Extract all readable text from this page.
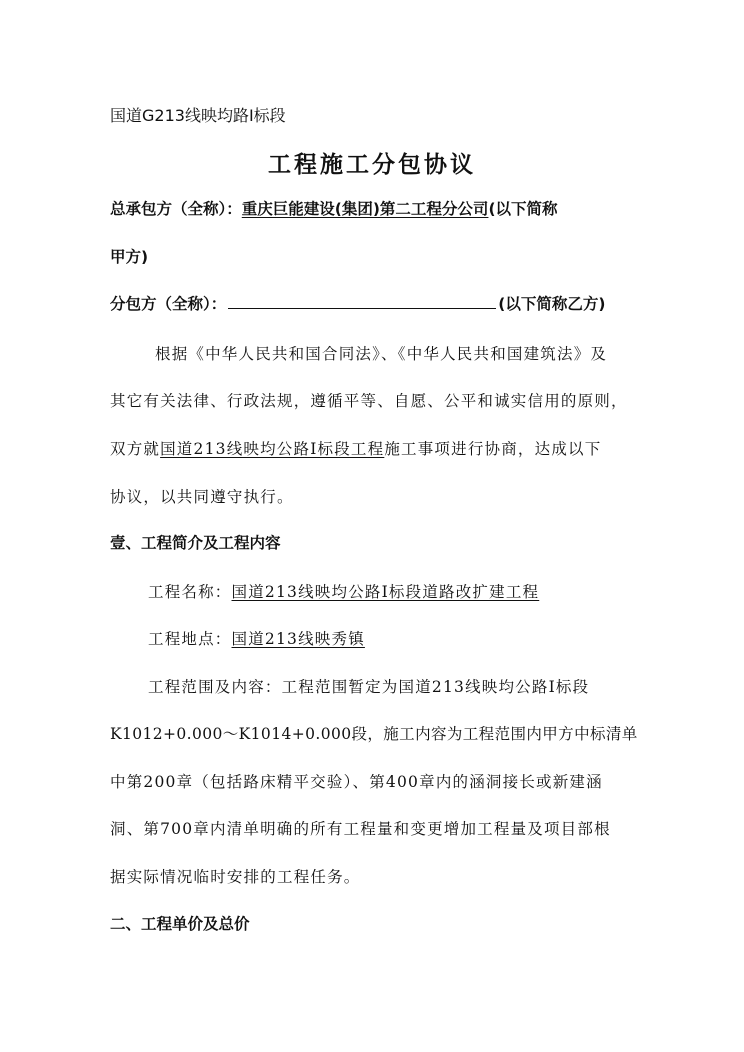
国道G213线映均路Ⅰ标段
工程施工分包协议
总承包方（全称）：重庆巨能建设(集团)第二工程分公司(以下简称
甲方)
分包方（全称）：	(以下简称乙方)
根据《中华人民共和国合同法》、《中华人民共和国建筑法》及
其它有关法律、行政法规，遵循平等、自愿、公平和诚实信用的原则，
双方就国道213线映均公路Ⅰ标段工程施工事项进行协商，达成以下
协议，以共同遵守执行。
壹、工程简介及工程内容
工程名称：国道213线映均公路Ⅰ标段道路改扩建工程
工程地点：国道213线映秀镇
工程范围及内容：工程范围暂定为国道213线映均公路Ⅰ标段
K1012+0.000～K1014+0.000段，施工内容为工程范围内甲方中标清单
中第200章（包括路床精平交验）、第400章内的涵洞接长或新建涵
洞、第700章内清单明确的所有工程量和变更增加工程量及项目部根
据实际情况临时安排的工程任务。
二、工程单价及总价
